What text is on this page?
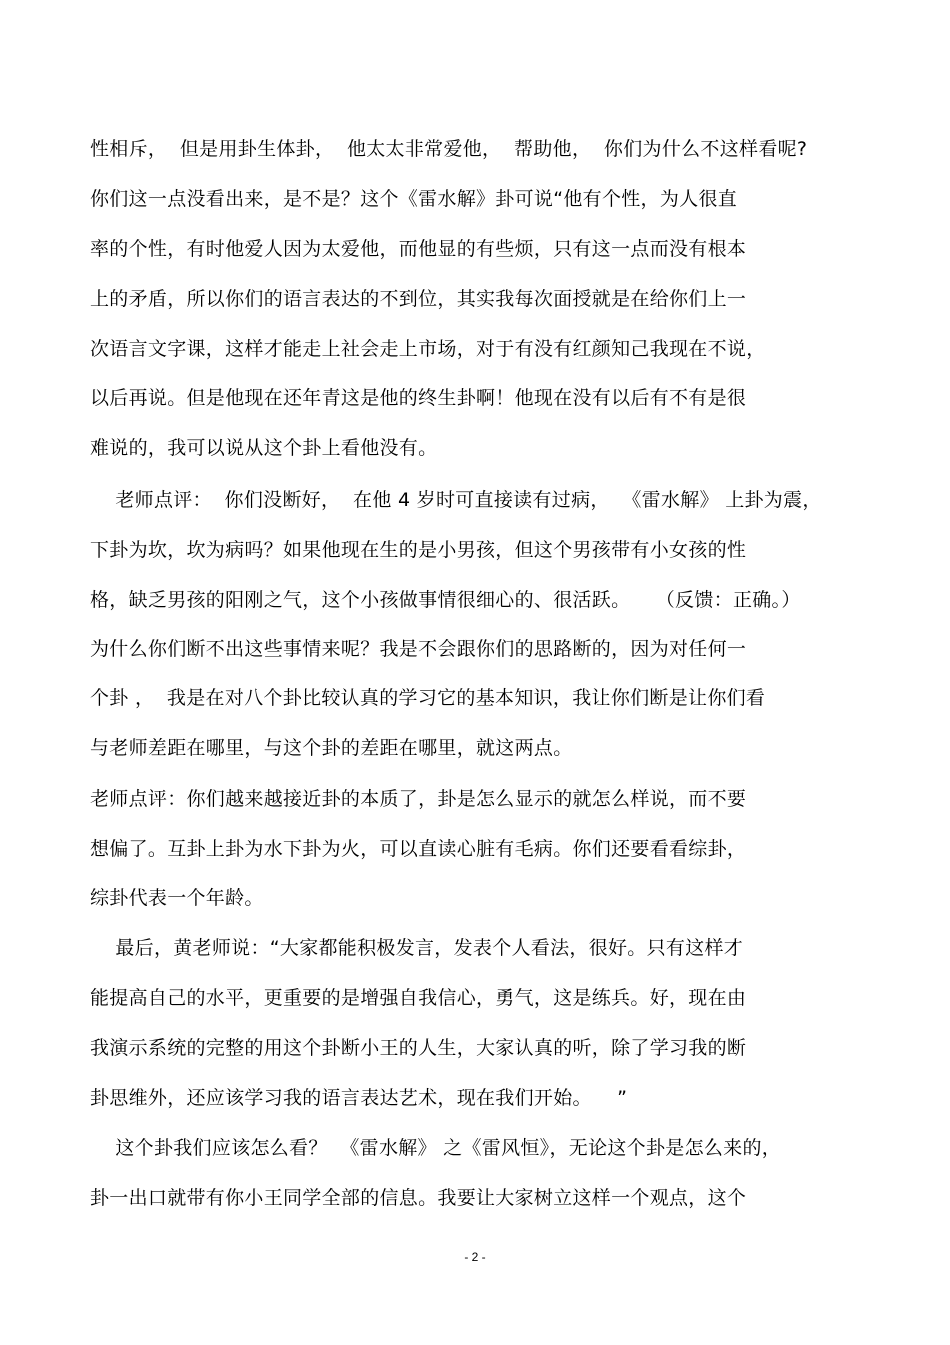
性相斥，  但是用卦生体卦，  他太太非常爱他，  帮助他，  你们为什么不这样看呢?
你们这一点没看出来，是不是？这个《雷水解》卦可说“他有个性，为人很直
率的个性，有时他爱人因为太爱他，而他显的有些烦，只有这一点而没有根本
上的矛盾，所以你们的语言表达的不到位，其实我每次面授就是在给你们上一
次语言文字课，这样才能走上社会走上市场，对于有没有红颜知己我现在不说，
以后再说。但是他现在还年青这是他的终生卦啊！他现在没有以后有不有是很
难说的，我可以说从这个卦上看他没有。
老师点评：  你们没断好，  在他 4 岁时可直接读有过病，  《雷水解》 上卦为震，
下卦为坎，坎为病吗？如果他现在生的是小男孩，但这个男孩带有小女孩的性
格，缺乏男孩的阳刚之气，这个小孩做事情很细心的、很活跃。    （反馈：正确。）
为什么你们断不出这些事情来呢？我是不会跟你们的思路断的，因为对任何一
个卦 ，  我是在对八个卦比较认真的学习它的基本知识，我让你们断是让你们看
与老师差距在哪里，与这个卦的差距在哪里，就这两点。
老师点评：你们越来越接近卦的本质了，卦是怎么显示的就怎么样说，而不要
想偏了。互卦上卦为水下卦为火，可以直读心脏有毛病。你们还要看看综卦，
综卦代表一个年龄。
最后，黄老师说：“大家都能积极发言，发表个人看法，很好。只有这样才
能提高自己的水平，更重要的是增强自我信心，勇气，这是练兵。好，现在由
我演示系统的完整的用这个卦断小王的人生，大家认真的听，除了学习我的断
卦思维外，还应该学习我的语言表达艺术，现在我们开始。    ”
这个卦我们应该怎么看？  《雷水解》 之《雷风恒》，无论这个卦是怎么来的，
卦一出口就带有你小王同学全部的信息。我要让大家树立这样一个观点，这个
- 2 -
